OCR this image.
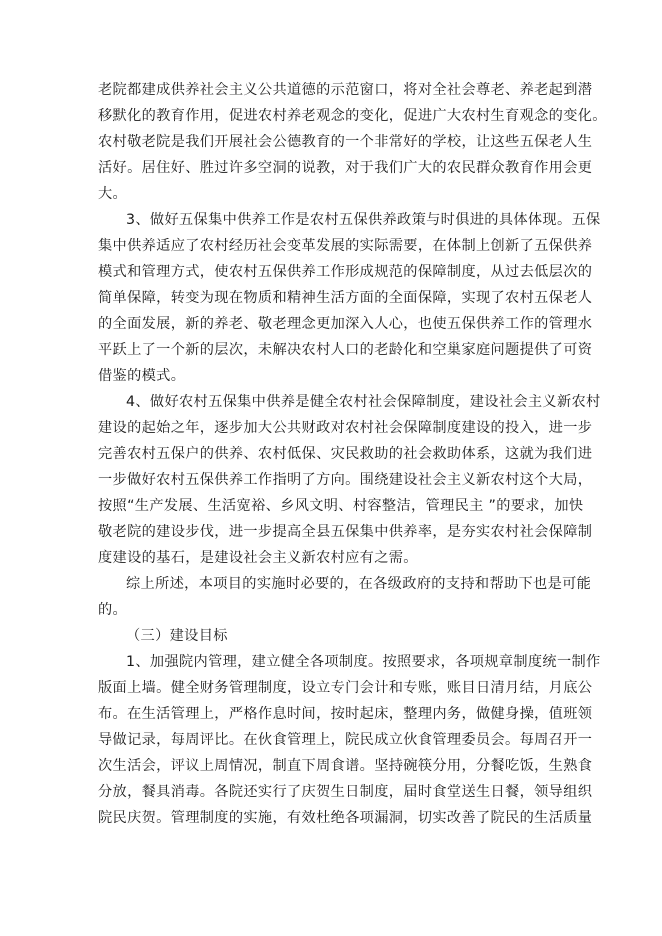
老院都建成供养社会主义公共道德的示范窗口，将对全社会尊老、养老起到潜
移默化的教育作用，促进农村养老观念的变化，促进广大农村生育观念的变化。
农村敬老院是我们开展社会公德教育的一个非常好的学校，让这些五保老人生
活好。居住好、胜过许多空洞的说教，对于我们广大的农民群众教育作用会更
大。
3、做好五保集中供养工作是农村五保供养政策与时俱进的具体体现。五保
集中供养适应了农村经历社会变革发展的实际需要，在体制上创新了五保供养
模式和管理方式，使农村五保供养工作形成规范的保障制度，从过去低层次的
简单保障，转变为现在物质和精神生活方面的全面保障，实现了农村五保老人
的全面发展，新的养老、敬老理念更加深入人心，也使五保供养工作的管理水
平跃上了一个新的层次，未解决农村人口的老龄化和空巢家庭问题提供了可资
借鉴的模式。
4、做好农村五保集中供养是健全农村社会保障制度，建设社会主义新农村
建设的起始之年，逐步加大公共财政对农村社会保障制度建设的投入，进一步
完善农村五保户的供养、农村低保、灾民救助的社会救助体系，这就为我们进
一步做好农村五保供养工作指明了方向。围绕建设社会主义新农村这个大局，
按照“生产发展、生活宽裕、乡风文明、村容整洁，管理民主 ”的要求，加快
敬老院的建设步伐，进一步提高全县五保集中供养率，是夯实农村社会保障制
度建设的基石，是建设社会主义新农村应有之需。
综上所述，本项目的实施时必要的，在各级政府的支持和帮助下也是可能
的。
（三）建设目标
1、加强院内管理，建立健全各项制度。按照要求，各项规章制度统一制作
版面上墙。健全财务管理制度，设立专门会计和专账，账目日清月结，月底公
布。在生活管理上，严格作息时间，按时起床，整理内务，做健身操，值班领
导做记录，每周评比。在伙食管理上，院民成立伙食管理委员会。每周召开一
次生活会，评议上周情况，制直下周食谱。坚持碗筷分用，分餐吃饭，生熟食
分放，餐具消毒。各院还实行了庆贺生日制度，届时食堂送生日餐，领导组织
院民庆贺。管理制度的实施，有效杜绝各项漏洞，切实改善了院民的生活质量
